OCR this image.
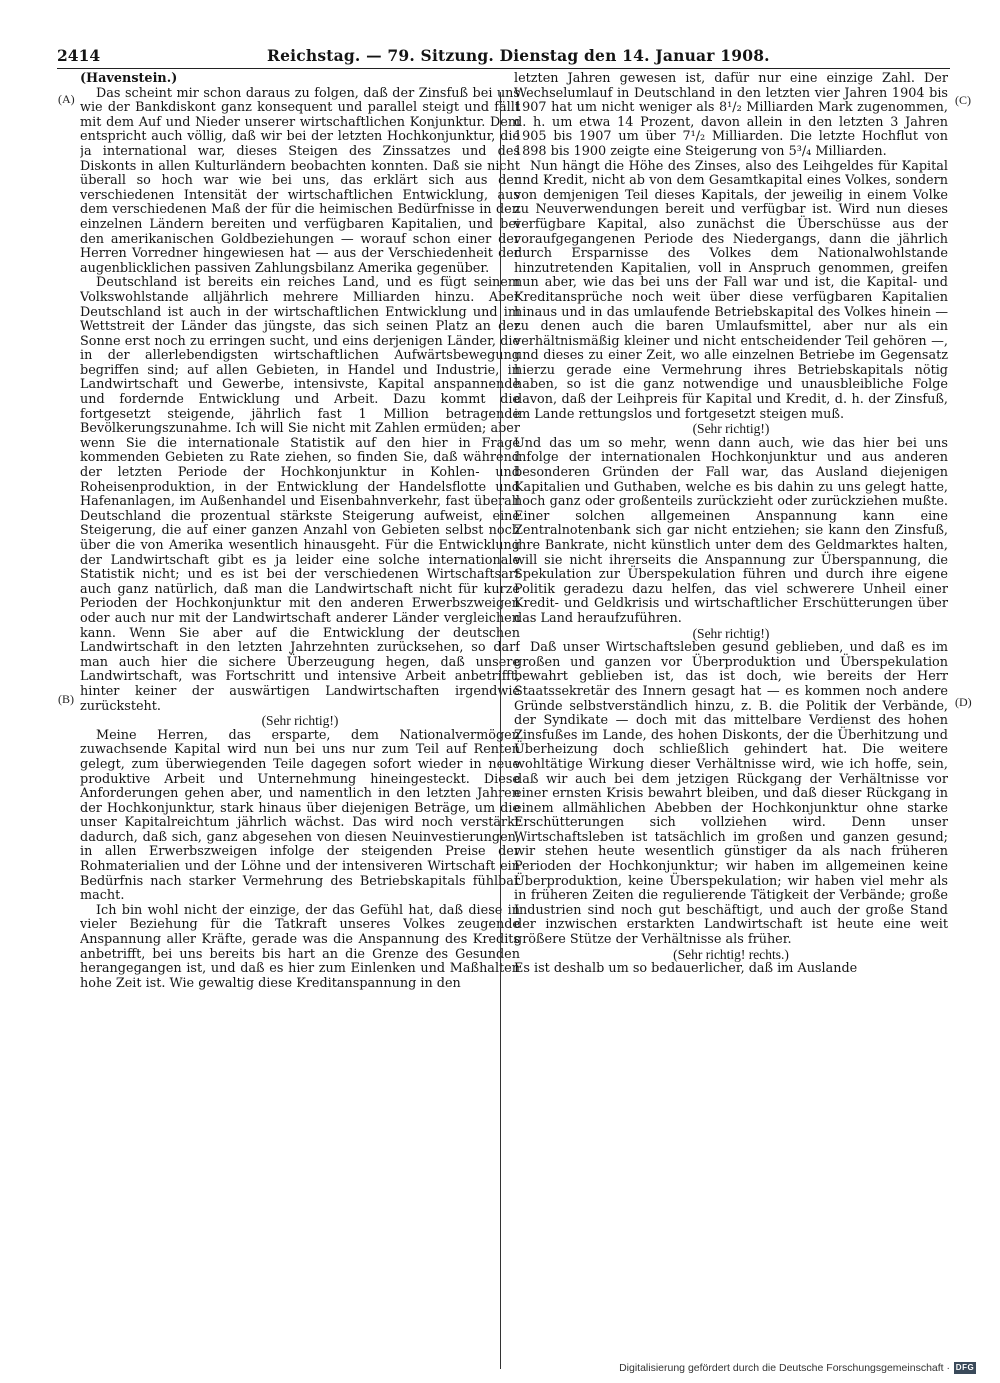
2414	Reichstag. — 79. Sitzung. Dienstag den 14. Januar 1908.
(A)
(B)
(C)
(D)

(Havenstein.)

Das scheint mir schon daraus zu folgen, daß der Zinsfuß bei uns wie der Bankdiskont ganz konsequent und parallel steigt und fällt mit dem Auf und Nieder unserer wirtschaftlichen Konjunktur. Dem entspricht auch völlig, daß wir bei der letzten Hochkonjunktur, die ja international war, dieses Steigen des Zinssatzes und des Diskonts in allen Kulturländern beobachten konnten. Daß sie nicht überall so hoch war wie bei uns, das erklärt sich aus der verschiedenen Intensität der wirtschaftlichen Entwicklung, aus dem verschiedenen Maß der für die heimischen Bedürfnisse in den einzelnen Ländern bereiten und verfügbaren Kapitalien, und bei den amerikanischen Goldbeziehungen — worauf schon einer der Herren Vorredner hingewiesen hat — aus der Verschiedenheit der augenblicklichen passiven Zahlungsbilanz Amerika gegenüber.

Deutschland ist bereits ein reiches Land, und es fügt seinem Volkswohlstande alljährlich mehrere Milliarden hinzu. Aber Deutschland ist auch in der wirtschaftlichen Entwicklung und im Wettstreit der Länder das jüngste, das sich seinen Platz an der Sonne erst noch zu erringen sucht, und eins derjenigen Länder, die in der allerlebendigsten wirtschaftlichen Aufwärtsbewegung begriffen sind; auf allen Gebieten, in Handel und Industrie, in Landwirtschaft und Gewerbe, intensivste, Kapital anspannende und fordernde Entwicklung und Arbeit. Dazu kommt die fortgesetzt steigende, jährlich fast 1 Million betragende Bevölkerungszunahme. Ich will Sie nicht mit Zahlen ermüden; aber wenn Sie die internationale Statistik auf den hier in Frage kommenden Gebieten zu Rate ziehen, so finden Sie, daß während der letzten Periode der Hochkonjunktur in Kohlen- und Roheisenproduktion, in der Entwicklung der Handelsflotte und Hafenanlagen, im Außenhandel und Eisenbahnverkehr, fast überall Deutschland die prozentual stärkste Steigerung aufweist, eine Steigerung, die auf einer ganzen Anzahl von Gebieten selbst noch über die von Amerika wesentlich hinausgeht. Für die Entwicklung der Landwirtschaft gibt es ja leider eine solche internationale Statistik nicht; und es ist bei der verschiedenen Wirtschaftsart auch ganz natürlich, daß man die Landwirtschaft nicht für kurze Perioden der Hochkonjunktur mit den anderen Erwerbszweigen oder auch nur mit der Landwirtschaft anderer Länder vergleichen kann. Wenn Sie aber auf die Entwicklung der deutschen Landwirtschaft in den letzten Jahrzehnten zurücksehen, so darf man auch hier die sichere Überzeugung hegen, daß unsere Landwirtschaft, was Fortschritt und intensive Arbeit anbetrifft, hinter keiner der auswärtigen Landwirtschaften irgendwie zurücksteht.

(Sehr richtig!)

Meine Herren, das ersparte, dem Nationalvermögen zuwachsende Kapital wird nun bei uns nur zum Teil auf Renten gelegt, zum überwiegenden Teile dagegen sofort wieder in neue produktive Arbeit und Unternehmung hineingesteckt. Diese Anforderungen gehen aber, und namentlich in den letzten Jahren der Hochkonjunktur, stark hinaus über diejenigen Beträge, um die unser Kapitalreichtum jährlich wächst. Das wird noch verstärkt dadurch, daß sich, ganz abgesehen von diesen Neuinvestierungen, in allen Erwerbszweigen infolge der steigenden Preise der Rohmaterialien und der Löhne und der intensiveren Wirtschaft ein Bedürfnis nach starker Vermehrung des Betriebskapitals fühlbar macht.

Ich bin wohl nicht der einzige, der das Gefühl hat, daß diese in vieler Beziehung für die Tatkraft unseres Volkes zeugende Anspannung aller Kräfte, gerade was die Anspannung des Kredits anbetrifft, bei uns bereits bis hart an die Grenze des Gesunden herangegangen ist, und daß es hier zum Einlenken und Maßhalten hohe Zeit ist. Wie gewaltig diese Kreditanspannung in den

letzten Jahren gewesen ist, dafür nur eine einzige Zahl. Der Wechselumlauf in Deutschland in den letzten vier Jahren 1904 bis 1907 hat um nicht weniger als 8¹/₂ Milliarden Mark zugenommen, d. h. um etwa 14 Prozent, davon allein in den letzten 3 Jahren 1905 bis 1907 um über 7¹/₂ Milliarden. Die letzte Hochflut von 1898 bis 1900 zeigte eine Steigerung von 5³/₄ Milliarden.

Nun hängt die Höhe des Zinses, also des Leihgeldes für Kapital und Kredit, nicht ab von dem Gesamtkapital eines Volkes, sondern von demjenigen Teil dieses Kapitals, der jeweilig in einem Volke zu Neuverwendungen bereit und verfügbar ist. Wird nun dieses verfügbare Kapital, also zunächst die Überschüsse aus der voraufgegangenen Periode des Niedergangs, dann die jährlich durch Ersparnisse des Volkes dem Nationalwohlstande hinzutretenden Kapitalien, voll in Anspruch genommen, greifen nun aber, wie das bei uns der Fall war und ist, die Kapital- und Kreditansprüche noch weit über diese verfügbaren Kapitalien hinaus und in das umlaufende Betriebskapital des Volkes hinein — zu denen auch die baren Umlaufsmittel, aber nur als ein verhältnismäßig kleiner und nicht entscheidender Teil gehören —, und dieses zu einer Zeit, wo alle einzelnen Betriebe im Gegensatz hierzu gerade eine Vermehrung ihres Betriebskapitals nötig haben, so ist die ganz notwendige und unausbleibliche Folge davon, daß der Leihpreis für Kapital und Kredit, d. h. der Zinsfuß, im Lande rettungslos und fortgesetzt steigen muß.

(Sehr richtig!)

Und das um so mehr, wenn dann auch, wie das hier bei uns infolge der internationalen Hochkonjunktur und aus anderen besonderen Gründen der Fall war, das Ausland diejenigen Kapitalien und Guthaben, welche es bis dahin zu uns gelegt hatte, noch ganz oder großenteils zurückzieht oder zurückziehen mußte. Einer solchen allgemeinen Anspannung kann eine Zentralnotenbank sich gar nicht entziehen; sie kann den Zinsfuß, ihre Bankrate, nicht künstlich unter dem des Geldmarktes halten, will sie nicht ihrerseits die Anspannung zur Überspannung, die Spekulation zur Überspekulation führen und durch ihre eigene Politik geradezu dazu helfen, das viel schwerere Unheil einer Kredit- und Geldkrisis und wirtschaftlicher Erschütterungen über das Land heraufzuführen.

(Sehr richtig!)

Daß unser Wirtschaftsleben gesund geblieben, und daß es im großen und ganzen vor Überproduktion und Überspekulation bewahrt geblieben ist, das ist doch, wie bereits der Herr Staatssekretär des Innern gesagt hat — es kommen noch andere Gründe selbstverständlich hinzu, z. B. die Politik der Verbände, der Syndikate — doch mit das mittelbare Verdienst des hohen Zinsfußes im Lande, des hohen Diskonts, der die Überhitzung und Überheizung doch schließlich gehindert hat. Die weitere wohltätige Wirkung dieser Verhältnisse wird, wie ich hoffe, sein, daß wir auch bei dem jetzigen Rückgang der Verhältnisse vor einer ernsten Krisis bewahrt bleiben, und daß dieser Rückgang in einem allmählichen Abebben der Hochkonjunktur ohne starke Erschütterungen sich vollziehen wird. Denn unser Wirtschaftsleben ist tatsächlich im großen und ganzen gesund; wir stehen heute wesentlich günstiger da als nach früheren Perioden der Hochkonjunktur; wir haben im allgemeinen keine Überproduktion, keine Überspekulation; wir haben viel mehr als in früheren Zeiten die regulierende Tätigkeit der Verbände; große Industrien sind noch gut beschäftigt, und auch der große Stand der inzwischen erstarkten Landwirtschaft ist heute eine weit größere Stütze der Verhältnisse als früher.

(Sehr richtig! rechts.)

Es ist deshalb um so bedauerlicher, daß im Auslande

Digitalisierung gefördert durch die Deutsche Forschungsgemeinschaft · DFG
